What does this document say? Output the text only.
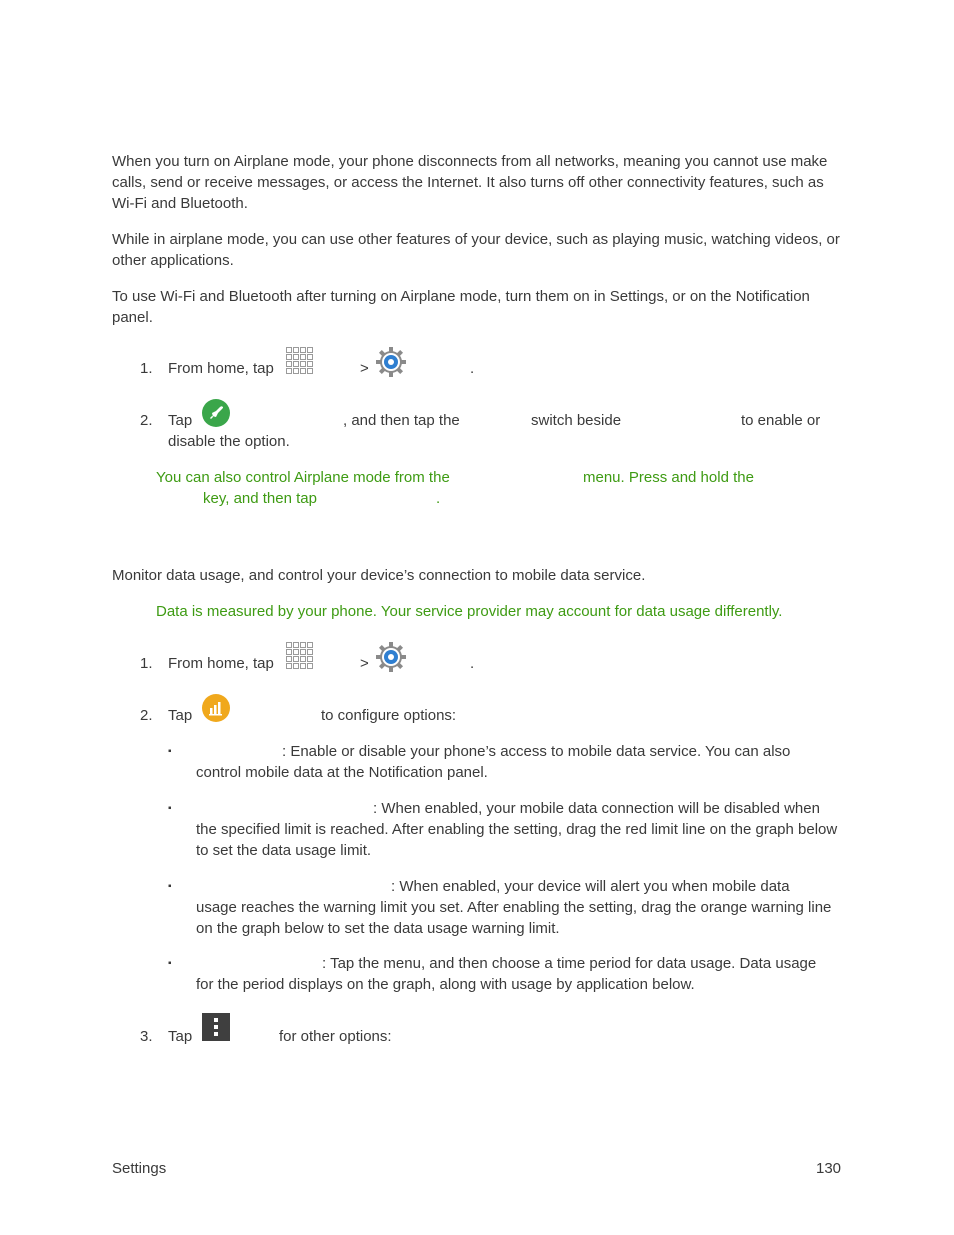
When you turn on Airplane mode, your phone disconnects from all networks, meaning you cannot use make calls, send or receive messages, or access the Internet. It also turns off other connectivity features, such as Wi-Fi and Bluetooth.
While in airplane mode, you can use other features of your device, such as playing music, watching videos, or other applications.
To use Wi-Fi and Bluetooth after turning on Airplane mode, turn them on in Settings, or on the Notification panel.
1. From home, tap	>	.
2. Tap	, and then tap the	switch beside	to enable or
disable the option.
You can also control Airplane mode from the	menu. Press and hold the
key, and then tap	.
Monitor data usage, and control your device’s connection to mobile data service.
Data is measured by your phone. Your service provider may account for data usage differently.
1. From home, tap	>	.
2. Tap	to configure options:
▪	: Enable or disable your phone’s access to mobile data service. You can also
control mobile data at the Notification panel.
▪	: When enabled, your mobile data connection will be disabled when
the specified limit is reached. After enabling the setting, drag the red limit line on the graph below to set the data usage limit.
▪	: When enabled, your device will alert you when mobile data
usage reaches the warning limit you set. After enabling the setting, drag the orange warning line on the graph below to set the data usage warning limit.
▪	: Tap the menu, and then choose a time period for data usage. Data usage
for the period displays on the graph, along with usage by application below.
3. Tap	for other options:
Settings	130
